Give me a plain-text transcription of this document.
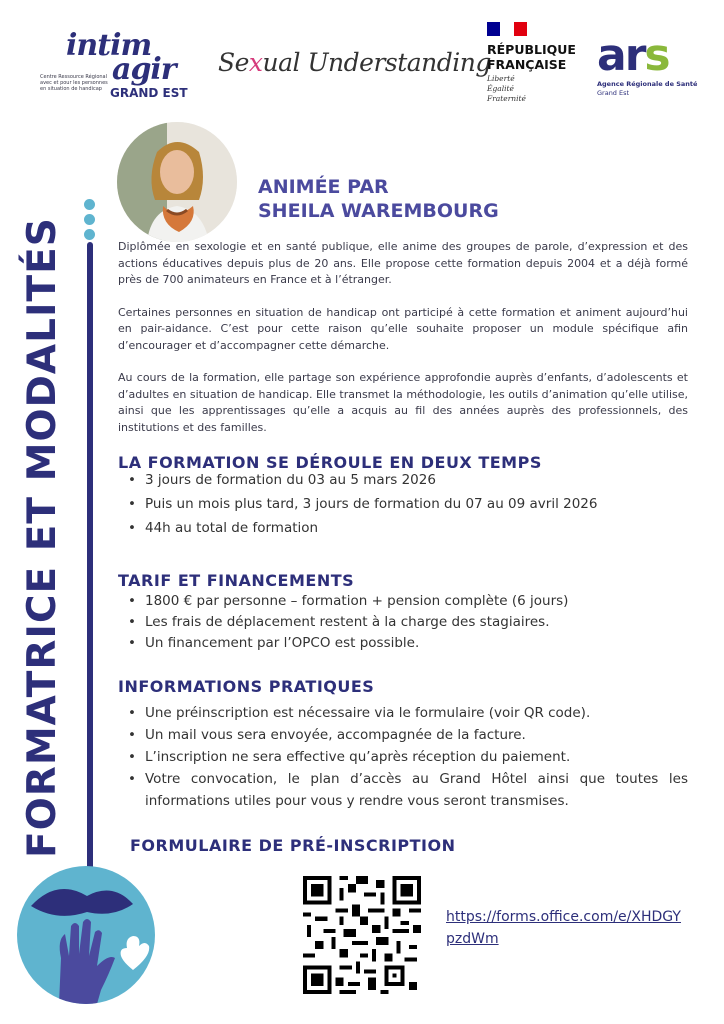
intim
agir
Centre Ressource Régional avec et pour les personnes en situation de handicap GRAND EST
Sexual Understanding
RÉPUBLIQUE
FRANÇAISE
Liberté
Égalité
Fraternité
ars
Agence Régionale de Santé
Grand Est
FORMATRICE ET MODALITÉS
ANIMÉE PAR
SHEILA WAREMBOURG

Diplômée en sexologie et en santé publique, elle anime des groupes de parole, d’expression et des actions éducatives depuis plus de 20 ans. Elle propose cette formation depuis 2004 et a déjà formé près de 700 animateurs en France et à l’étranger.

Certaines personnes en situation de handicap ont participé à cette formation et animent aujourd’hui en pair-aidance. C’est pour cette raison qu’elle souhaite proposer un module spécifique afin d’encourager et d’accompagner cette démarche.

Au cours de la formation, elle partage son expérience approfondie auprès d’enfants, d’adolescents et d’adultes en situation de handicap. Elle transmet la méthodologie, les outils d’animation qu’elle utilise, ainsi que les apprentissages qu’elle a acquis au fil des années auprès des professionnels, des institutions et des familles.

LA FORMATION SE DÉROULE EN DEUX TEMPS
• 3 jours de formation du 03 au 5 mars 2026
• Puis un mois plus tard, 3 jours de formation du 07 au 09 avril 2026
• 44h au total de formation
TARIF ET FINANCEMENTS
• 1800 € par personne – formation + pension complète (6 jours)
• Les frais de déplacement restent à la charge des stagiaires.
• Un financement par l’OPCO est possible.
INFORMATIONS PRATIQUES
• Une préinscription est nécessaire via le formulaire (voir QR code).
• Un mail vous sera envoyée, accompagnée de la facture.
• L’inscription ne sera effective qu’après réception du paiement.
• Votre convocation, le plan d’accès au Grand Hôtel ainsi que toutes les informations utiles pour vous y rendre vous seront transmises.
FORMULAIRE DE PRÉ-INSCRIPTION
https://forms.office.com/e/XHDGYpzdWm
